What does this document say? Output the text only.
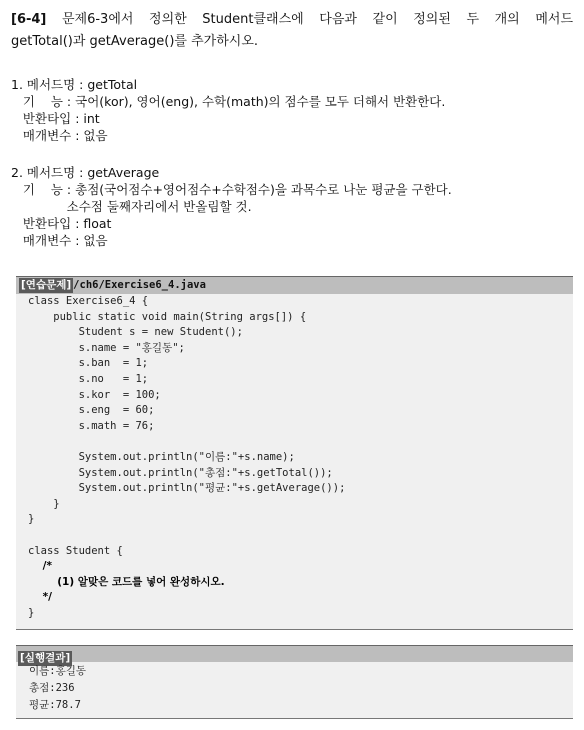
[6-4] 문제6-3에서 정의한 Student클래스에 다음과 같이 정의된 두 개의 메서드
getTotal()과 getAverage()를 추가하시오.
1. 메서드명 : getTotal
기    능 : 국어(kor), 영어(eng), 수학(math)의 점수를 모두 더해서 반환한다.
반환타입 : int
매개변수 : 없음
2. 메서드명 : getAverage
기    능 : 총점(국어점수+영어점수+수학점수)을 과목수로 나눈 평균을 구한다.
소수점 둘째자리에서 반올림할 것.
반환타입 : float
매개변수 : 없음
[연습문제] /ch6/Exercise6_4.java
class Exercise6_4 {
public static void main(String args[]) {
Student s = new Student();
s.name = "홍길동";
s.ban  = 1;
s.no   = 1;
s.kor  = 100;
s.eng  = 60;
s.math = 76;

System.out.println("이름:"+s.name);
System.out.println("총점:"+s.getTotal());
System.out.println("평균:"+s.getAverage());
}
}

class Student {
/*
(1) 알맞은 코드를 넣어 완성하시오.
*/
}
[실행결과]
이름:홍길동
총점:236
평균:78.7
